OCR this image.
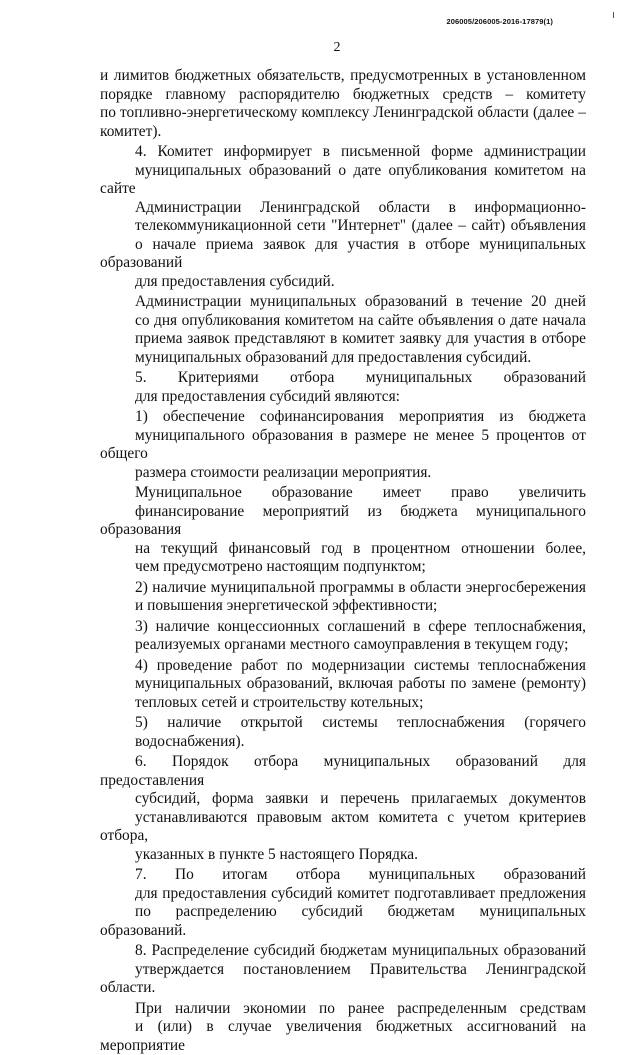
206005/206005-2016-17879(1)
2
и лимитов бюджетных обязательств, предусмотренных в установленном
порядке главному распорядителю бюджетных средств – комитету
по топливно-энергетическому комплексу Ленинградской области (далее –
комитет).
4. Комитет информирует в письменной форме администрации
муниципальных образований о дате опубликования комитетом на сайте
Администрации Ленинградской области в информационно-
телекоммуникационной сети "Интернет" (далее – сайт) объявления
о начале приема заявок для участия в отборе муниципальных образований
для предоставления субсидий.
Администрации муниципальных образований в течение 20 дней
со дня опубликования комитетом на сайте объявления о дате начала
приема заявок представляют в комитет заявку для участия в отборе
муниципальных образований для предоставления субсидий.
5. Критериями отбора муниципальных образований
для предоставления субсидий являются:
1) обеспечение софинансирования мероприятия из бюджета
муниципального образования в размере не менее 5 процентов от общего
размера стоимости реализации мероприятия.
Муниципальное образование имеет право увеличить
финансирование мероприятий из бюджета муниципального образования
на текущий финансовый год в процентном отношении более,
чем предусмотрено настоящим подпунктом;
2) наличие муниципальной программы в области энергосбережения
и повышения энергетической эффективности;
3) наличие концессионных соглашений в сфере теплоснабжения,
реализуемых органами местного самоуправления в текущем году;
4) проведение работ по модернизации системы теплоснабжения
муниципальных образований, включая работы по замене (ремонту)
тепловых сетей и строительству котельных;
5) наличие открытой системы теплоснабжения (горячего
водоснабжения).
6. Порядок отбора муниципальных образований для предоставления
субсидий, форма заявки и перечень прилагаемых документов
устанавливаются правовым актом комитета с учетом критериев отбора,
указанных в пункте 5 настоящего Порядка.
7. По итогам отбора муниципальных образований
для предоставления субсидий комитет подготавливает предложения
по распределению субсидий бюджетам муниципальных образований.
8. Распределение субсидий бюджетам муниципальных образований
утверждается постановлением Правительства Ленинградской области.
При наличии экономии по ранее распределенным средствам
и (или) в случае увеличения бюджетных ассигнований на мероприятие
